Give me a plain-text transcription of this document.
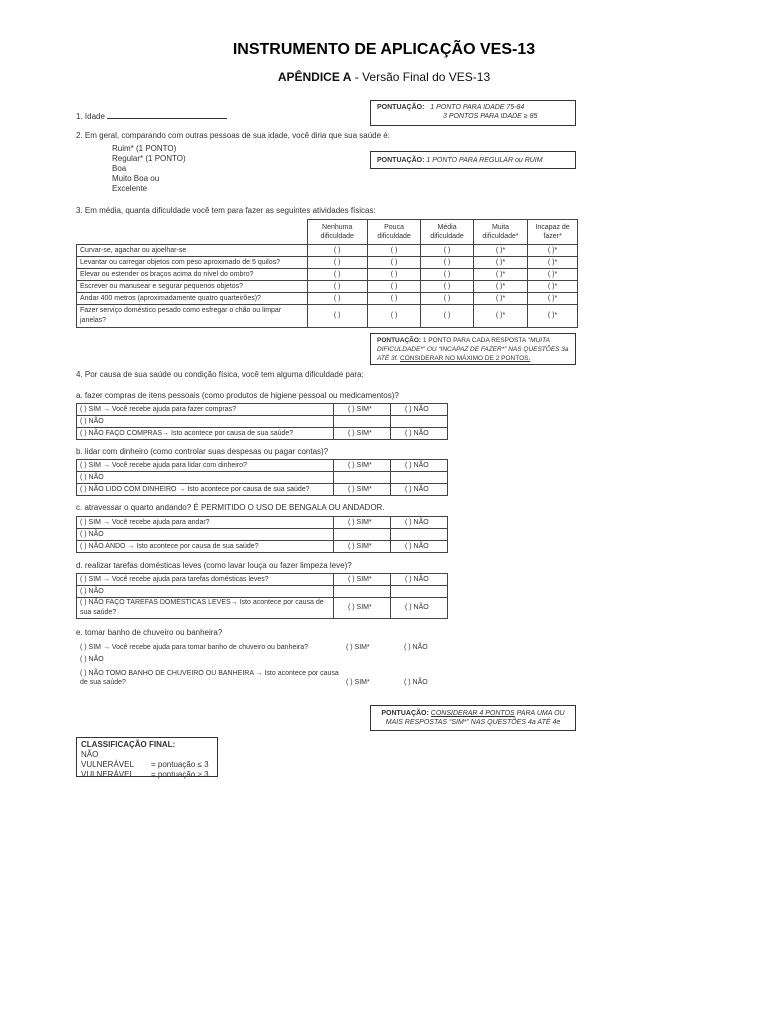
INSTRUMENTO DE APLICAÇÃO VES-13
APÊNDICE A - Versão Final do VES-13
1. Idade
PONTUAÇÃO: 1 PONTO PARA IDADE 75-84
3 PONTOS PARA IDADE ≥ 85
2. Em geral, comparando com outras pessoas de sua idade, você diria que sua saúde é:
Ruim* (1 PONTO)
Regular* (1 PONTO)
Boa
Muito Boa ou
Excelente
PONTUAÇÃO: 1 PONTO PARA REGULAR ou RUIM
3. Em média, quanta dificuldade você tem para fazer as seguintes atividades físicas:
	Nenhuma dificuldade	Pouca dificuldade	Média dificuldade	Muita dificuldade*	Incapaz de fazer*
Curvar-se, agachar ou ajoelhar-se	( )	( )	( )	( )*	( )*
Levantar ou carregar objetos com peso aproximado de 5 quilos?	( )	( )	( )	( )*	( )*
Elevar ou estender os braços acima do nível do ombro?	( )	( )	( )	( )*	( )*
Escrever ou manusear e segurar pequenos objetos?	( )	( )	( )	( )*	( )*
Andar 400 metros (aproximadamente quatro quarteirões)?	( )	( )	( )	( )*	( )*
Fazer serviço doméstico pesado como esfregar o chão ou limpar janelas?	( )	( )	( )	( )*	( )*
PONTUAÇÃO: 1 PONTO PARA CADA RESPOSTA “MUITA DIFICULDADE*” OU “INCAPAZ DE FAZER*” NAS QUESTÕES 3a ATÉ 3f. CONSIDERAR NO MÁXIMO DE 2 PONTOS.
4. Por causa de sua saúde ou condição física, você tem alguma dificuldade para:
a. fazer compras de itens pessoais (como produtos de higiene pessoal ou medicamentos)?
( ) SIM → Você recebe ajuda para fazer compras?	( ) SIM*	( ) NÃO
( ) NÃO		
( ) NÃO FAÇO COMPRAS→ Isto acontece por causa de sua saúde?	( ) SIM*	( ) NÃO
b. lidar com dinheiro (como controlar suas despesas ou pagar contas)?
( ) SIM → Você recebe ajuda para lidar com dinheiro?	( ) SIM*	( ) NÃO
( ) NÃO		
( ) NÃO LIDO COM DINHEIRO → Isto acontece por causa de sua saúde?	( ) SIM*	( ) NÃO
c. atravessar o quarto andando? É PERMITIDO O USO DE BENGALA OU ANDADOR.
( ) SIM → Você recebe ajuda para andar?	( ) SIM*	( ) NÃO
( ) NÃO		
( ) NÃO ANDO → Isto acontece por causa de sua saúde?	( ) SIM*	( ) NÃO
d. realizar tarefas domésticas leves (como lavar louça ou fazer limpeza leve)?
( ) SIM → Você recebe ajuda para tarefas domésticas leves?	( ) SIM*	( ) NÃO
( ) NÃO		
( ) NÃO FAÇO TAREFAS DOMÉSTICAS LEVES→ Isto acontece por causa de sua saúde?	( ) SIM*	( ) NÃO
e. tomar banho de chuveiro ou banheira?
( ) SIM → Você recebe ajuda para tomar banho de chuveiro ou banheira?	( ) SIM*	( ) NÃO
( ) NÃO
( ) NÃO TOMO BANHO DE CHUVEIRO OU BANHEIRA → Isto acontece por causa de sua saúde?	( ) SIM*	( ) NÃO
PONTUAÇÃO: CONSIDERAR 4 PONTOS PARA UMA OU MAIS RESPOSTAS “SIM*” NAS QUESTÕES 4a ATÉ 4e
CLASSIFICAÇÃO FINAL:
NÃO VULNERÁVEL = pontuação ≤ 3
VULNERÁVEL = pontuação ≥ 3
